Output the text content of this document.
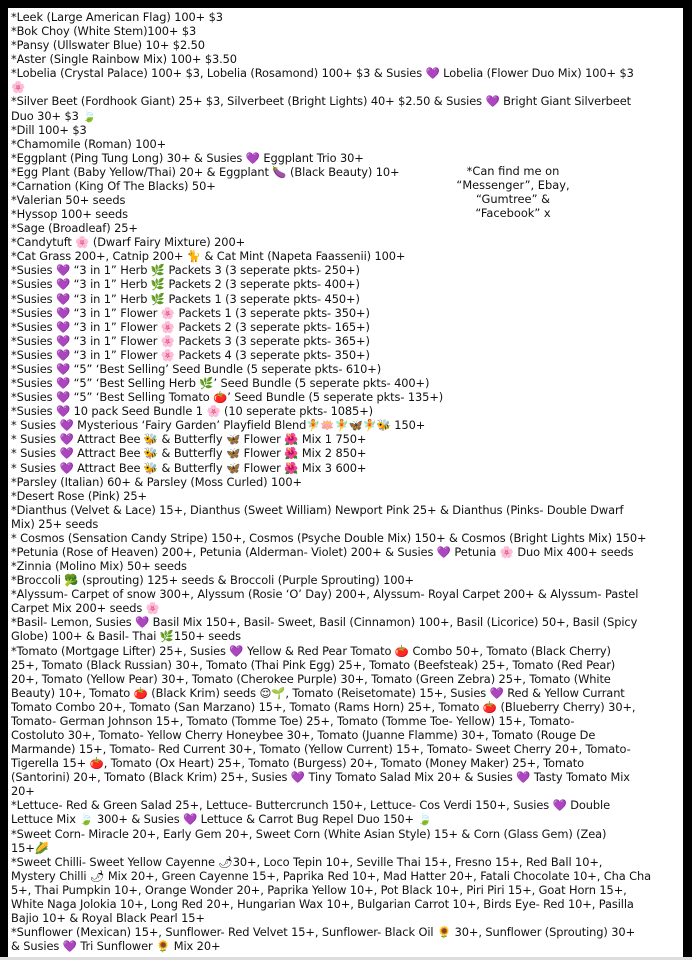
*Leek (Large American Flag) 100+ $3
*Bok Choy (White Stem)100+ $3
*Pansy (Ullswater Blue) 10+ $2.50
*Aster (Single Rainbow Mix) 100+ $3.50
*Lobelia (Crystal Palace) 100+ $3, Lobelia (Rosamond) 100+ $3 & Susies 💜 Lobelia (Flower Duo Mix) 100+ $3
🌸
*Silver Beet (Fordhook Giant) 25+ $3, Silverbeet (Bright Lights) 40+ $2.50 & Susies 💜 Bright Giant Silverbeet
Duo 30+ $3 🍃
*Dill 100+ $3
*Chamomile (Roman) 100+
*Eggplant (Ping Tung Long) 30+ & Susies 💜 Eggplant Trio 30+
*Egg Plant (Baby Yellow/Thai) 20+ & Eggplant 🍆 (Black Beauty) 10+
*Carnation (King Of The Blacks) 50+
*Valerian 50+ seeds
*Hyssop 100+ seeds
*Sage (Broadleaf) 25+
*Candytuft 🌸 (Dwarf Fairy Mixture) 200+
*Cat Grass 200+, Catnip 200+ 🐈 & Cat Mint (Napeta Faassenii) 100+
*Susies 💜 “3 in 1” Herb 🌿 Packets 3 (3 seperate pkts- 250+)
*Susies 💜 “3 in 1” Herb 🌿 Packets 2 (3 seperate pkts- 400+)
*Susies 💜 “3 in 1” Herb 🌿 Packets 1 (3 seperate pkts- 450+)
*Susies 💜 “3 in 1” Flower 🌸 Packets 1 (3 seperate pkts- 350+)
*Susies 💜 “3 in 1” Flower 🌸 Packets 2 (3 seperate pkts- 165+)
*Susies 💜 “3 in 1” Flower 🌸 Packets 3 (3 seperate pkts- 365+)
*Susies 💜 “3 in 1” Flower 🌸 Packets 4 (3 seperate pkts- 350+)
*Susies 💜 “5” ‘Best Selling’ Seed Bundle (5 seperate pkts- 610+)
*Susies 💜 “5” ‘Best Selling Herb 🌿’ Seed Bundle (5 seperate pkts- 400+)
*Susies 💜 “5” ‘Best Selling Tomato 🍅’ Seed Bundle (5 seperate pkts- 135+)
*Susies 💜 10 pack Seed Bundle 1 🌸 (10 seperate pkts- 1085+)
* Susies 💜 Mysterious ‘Fairy Garden’ Playfield Blend🧚🪷🧚🦋🧚🐝 150+
* Susies 💜 Attract Bee 🐝 & Butterfly 🦋 Flower 🌺 Mix 1 750+
* Susies 💜 Attract Bee 🐝 & Butterfly 🦋 Flower 🌺 Mix 2 850+
* Susies 💜 Attract Bee 🐝 & Butterfly 🦋 Flower 🌺 Mix 3 600+
*Parsley (Italian) 60+ & Parsley (Moss Curled) 100+
*Desert Rose (Pink) 25+
*Dianthus (Velvet & Lace) 15+, Dianthus (Sweet William) Newport Pink 25+ & Dianthus (Pinks- Double Dwarf
Mix) 25+ seeds
* Cosmos (Sensation Candy Stripe) 150+, Cosmos (Psyche Double Mix) 150+ & Cosmos (Bright Lights Mix) 150+
*Petunia (Rose of Heaven) 200+, Petunia (Alderman- Violet) 200+ & Susies 💜 Petunia 🌸 Duo Mix 400+ seeds
*Zinnia (Molino Mix) 50+ seeds
*Broccoli 🥦 (sprouting) 125+ seeds & Broccoli (Purple Sprouting) 100+
*Alyssum- Carpet of snow 300+, Alyssum (Rosie ‘O’ Day) 200+, Alyssum- Royal Carpet 200+ & Alyssum- Pastel
Carpet Mix 200+ seeds 🌸
*Basil- Lemon, Susies 💜 Basil Mix 150+, Basil- Sweet, Basil (Cinnamon) 100+, Basil (Licorice) 50+, Basil (Spicy
Globe) 100+ & Basil- Thai 🌿150+ seeds
*Tomato (Mortgage Lifter) 25+, Susies 💜 Yellow & Red Pear Tomato 🍅 Combo 50+, Tomato (Black Cherry)
25+, Tomato (Black Russian) 30+, Tomato (Thai Pink Egg) 25+, Tomato (Beefsteak) 25+, Tomato (Red Pear)
20+, Tomato (Yellow Pear) 30+, Tomato (Cherokee Purple) 30+, Tomato (Green Zebra) 25+, Tomato (White
Beauty) 10+, Tomato 🍅 (Black Krim) seeds 😌🌱, Tomato (Reisetomate) 15+, Susies 💜 Red & Yellow Currant
Tomato Combo 20+, Tomato (San Marzano) 15+, Tomato (Rams Horn) 25+, Tomato 🍅 (Blueberry Cherry) 30+,
Tomato- German Johnson 15+, Tomato (Tomme Toe) 25+, Tomato (Tomme Toe- Yellow) 15+, Tomato-
Costoluto 30+, Tomato- Yellow Cherry Honeybee 30+, Tomato (Juanne Flamme) 30+, Tomato (Rouge De
Marmande) 15+, Tomato- Red Current 30+, Tomato (Yellow Current) 15+, Tomato- Sweet Cherry 20+, Tomato-
Tigerella 15+ 🍅, Tomato (Ox Heart) 25+, Tomato (Burgess) 20+, Tomato (Money Maker) 25+, Tomato
(Santorini) 20+, Tomato (Black Krim) 25+, Susies 💜 Tiny Tomato Salad Mix 20+ & Susies 💜 Tasty Tomato Mix
20+
*Lettuce- Red & Green Salad 25+, Lettuce- Buttercrunch 150+, Lettuce- Cos Verdi 150+, Susies 💜 Double
Lettuce Mix 🍃 300+ & Susies 💜 Lettuce & Carrot Bug Repel Duo 150+ 🍃
*Sweet Corn- Miracle 20+, Early Gem 20+, Sweet Corn (White Asian Style) 15+ & Corn (Glass Gem) (Zea)
15+🌽
*Sweet Chilli- Sweet Yellow Cayenne 🌶30+, Loco Tepin 10+, Seville Thai 15+, Fresno 15+, Red Ball 10+,
Mystery Chilli 🌶 Mix 20+, Green Cayenne 15+, Paprika Red 10+, Mad Hatter 20+, Fatali Chocolate 10+, Cha Cha
5+, Thai Pumpkin 10+, Orange Wonder 20+, Paprika Yellow 10+, Pot Black 10+, Piri Piri 15+, Goat Horn 15+,
White Naga Jolokia 10+, Long Red 20+, Hungarian Wax 10+, Bulgarian Carrot 10+, Birds Eye- Red 10+, Pasilla
Bajio 10+ & Royal Black Pearl 15+
*Sunflower (Mexican) 15+, Sunflower- Red Velvet 15+, Sunflower- Black Oil 🌻 30+, Sunflower (Sprouting) 30+
& Susies 💜 Tri Sunflower 🌻 Mix 20+
*Can find me on
“Messenger”, Ebay,
“Gumtree” &
“Facebook” x
